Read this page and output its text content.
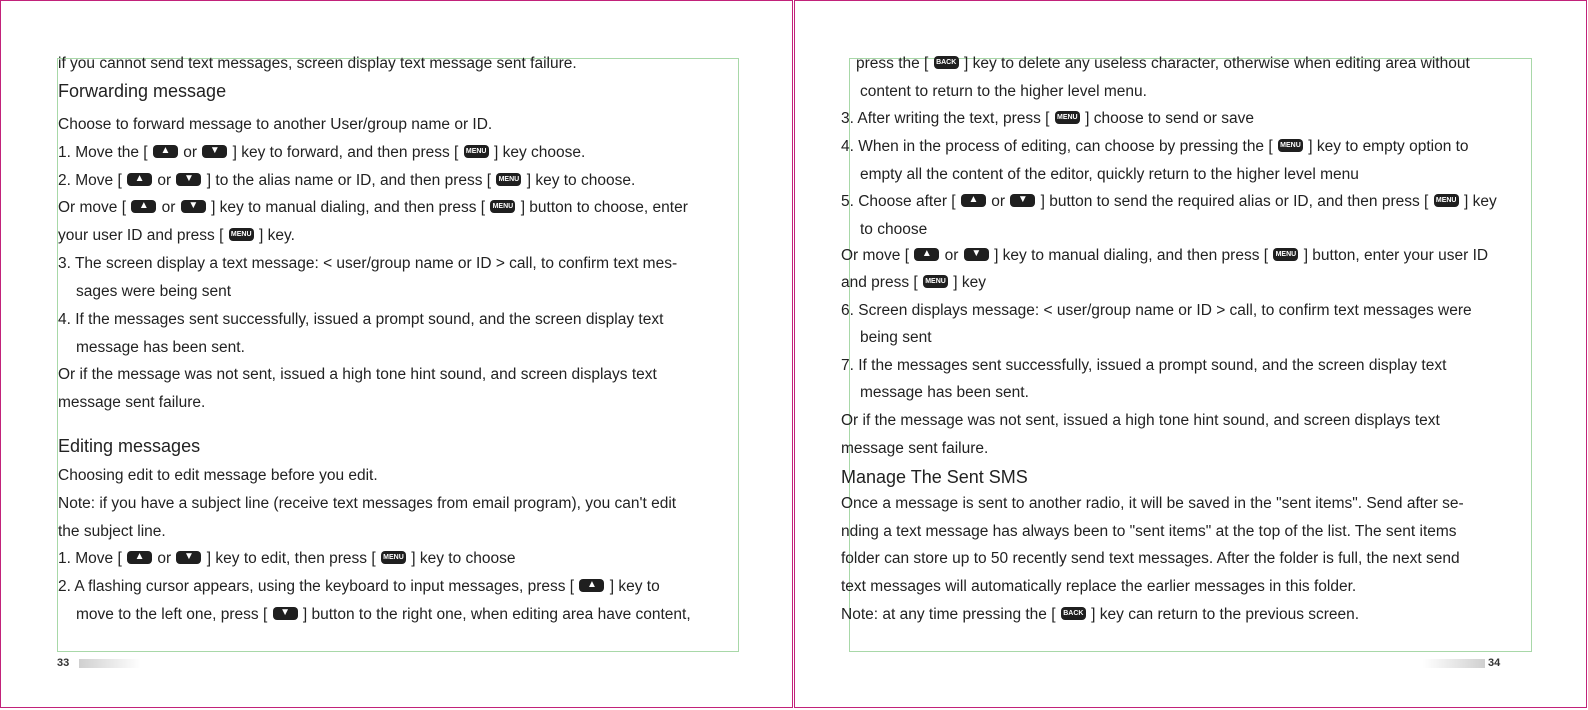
if you cannot send text messages, screen display text message sent failure.
Forwarding message
Choose to forward message to another User/group name or ID.
1. Move the [ ▲ or ▼ ] key to forward, and then press [ MENU ] key choose.
2. Move [ ▲ or ▼ ] to the alias name or ID, and then press [ MENU ] key to choose.
Or move [ ▲ or ▼ ] key to manual dialing, and then press [ MENU ] button to choose, enter
your user ID and press [ MENU ] key.
3. The screen display a text message: < user/group name or ID > call, to confirm text mes-
sages were being sent
4. If the messages sent successfully, issued a prompt sound, and the screen display text
message has been sent.
Or if the message was not sent, issued a high tone hint sound, and screen displays text
message sent failure.
Editing messages
Choosing edit to edit message before you edit.
Note: if you have a subject line (receive text messages from email program), you can't edit
the subject line.
1. Move [ ▲ or ▼ ] key to edit, then press [ MENU ] key to choose
2. A flashing cursor appears, using the keyboard to input messages, press [ ▲ ] key to
move to the left one, press [ ▼ ] button to the right one, when editing area have content,
33
press the [ BACK ] key to delete any useless character, otherwise when editing area without
content to return to the higher level menu.
3. After writing the text, press [ MENU ] choose to send or save
4. When in the process of editing, can choose by pressing the [ MENU ] key to empty option to
empty all the content of the editor, quickly return to the higher level menu
5. Choose after [ ▲ or ▼ ] button to send the required alias or ID, and then press [ MENU ] key
to choose
Or move [ ▲ or ▼ ] key to manual dialing, and then press [ MENU ] button, enter your user ID
and press [ MENU ] key
6. Screen displays message: < user/group name or ID > call, to confirm text messages were
being sent
7. If the messages sent successfully, issued a prompt sound, and the screen display text
message has been sent.
Or if the message was not sent, issued a high tone hint sound, and screen displays text
message sent failure.
Manage The Sent SMS
Once a message is sent to another radio, it will be saved in the "sent items". Send after se-
nding a text message has always been to "sent items" at the top of the list. The sent items
folder can store up to 50 recently send text messages. After the folder is full, the next send
text messages will automatically replace the earlier messages in this folder.
Note: at any time pressing the [ BACK ] key can return to the previous screen.
34
